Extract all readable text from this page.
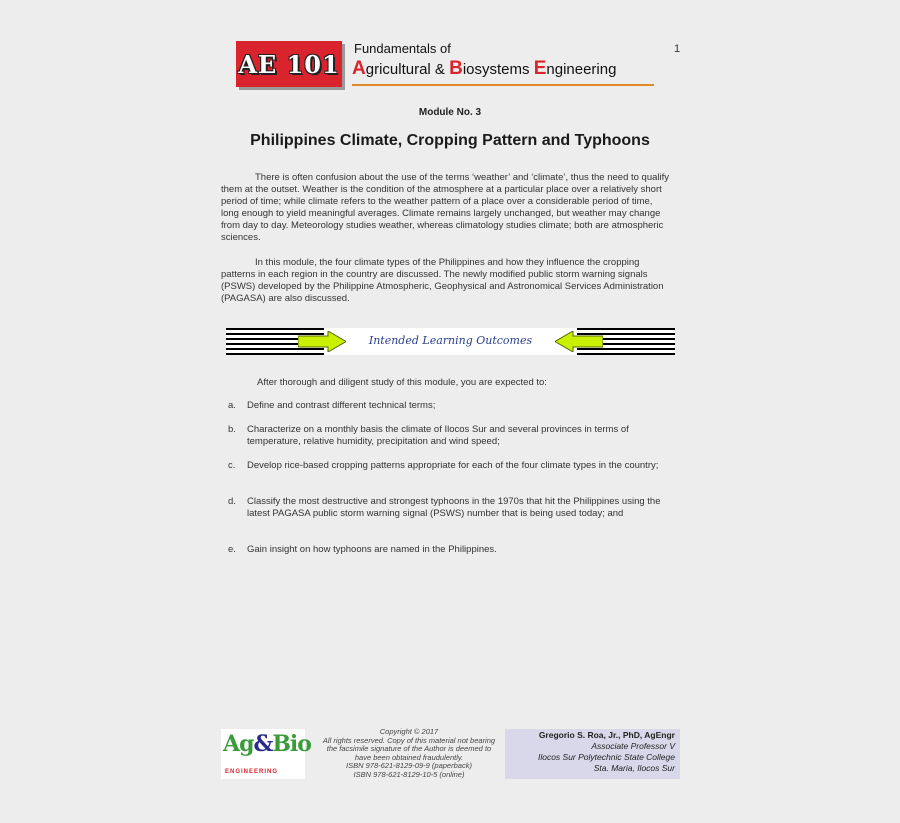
1
AE 101
Fundamentals of
Agricultural & Biosystems Engineering
Module No. 3
Philippines Climate, Cropping Pattern and Typhoons
There is often confusion about the use of the terms ‘weather’ and ‘climate’, thus the need to qualify them at the outset. Weather is the condition of the atmosphere at a particular place over a relatively short period of time; while climate refers to the weather pattern of a place over a considerable period of time, long enough to yield meaningful averages. Climate remains largely unchanged, but weather may change from day to day. Meteorology studies weather, whereas climatology studies climate; both are atmospheric sciences.
In this module, the four climate types of the Philippines and how they influence the cropping patterns in each region in the country are discussed. The newly modified public storm warning signals (PSWS) developed by the Philippine Atmospheric, Geophysical and Astronomical Services Administration (PAGASA) are also discussed.
Intended Learning Outcomes
After thorough and diligent study of this module, you are expected to:
a. Define and contrast different technical terms;
b. Characterize on a monthly basis the climate of Ilocos Sur and several provinces in terms of temperature, relative humidity, precipitation and wind speed;
c. Develop rice-based cropping patterns appropriate for each of the four climate types in the country;
d. Classify the most destructive and strongest typhoons in the 1970s that hit the Philippines using the latest PAGASA public storm warning signal (PSWS) number that is being used today; and
e. Gain insight on how typhoons are named in the Philippines.
Ag&Bio
ENGINEERING
Copyright © 2017
All rights reserved. Copy of this material not bearing
the facsimile signature of the Author is deemed to
have been obtained fraudulently.
ISBN 978-621-8129-09-9 (paperback)
ISBN 978-621-8129-10-5 (online)
Gregorio S. Roa, Jr., PhD, AgEngr
Associate Professor V
Ilocos Sur Polytechnic State College
Sta. Maria, Ilocos Sur
